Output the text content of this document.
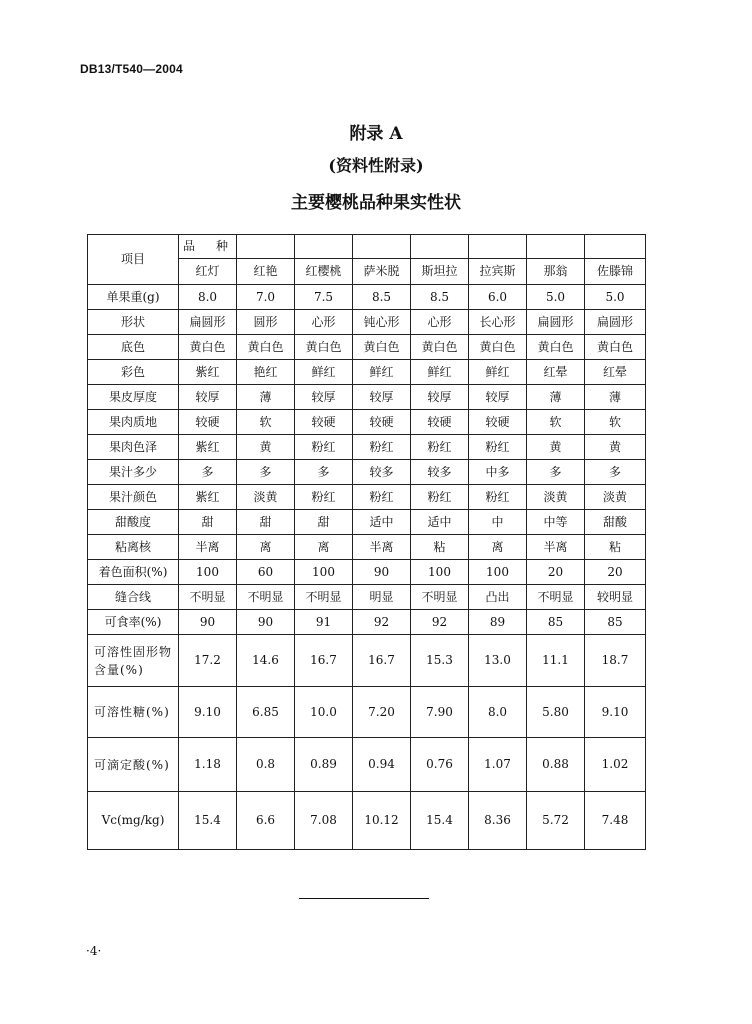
DB13/T540—2004
附录 A
(资料性附录)
主要樱桃品种果实性状
项目	品 种							

	红灯	红艳	红樱桃	萨米脱	斯坦拉	拉宾斯	那翁	佐滕锦
单果重(g)	8.0	7.0	7.5	8.5	8.5	6.0	5.0	5.0
形状	扁圆形	圆形	心形	钝心形	心形	长心形	扁圆形	扁圆形
底色	黄白色	黄白色	黄白色	黄白色	黄白色	黄白色	黄白色	黄白色
彩色	紫红	艳红	鲜红	鲜红	鲜红	鲜红	红晕	红晕
果皮厚度	较厚	薄	较厚	较厚	较厚	较厚	薄	薄
果肉质地	较硬	软	较硬	较硬	较硬	较硬	软	软
果肉色泽	紫红	黄	粉红	粉红	粉红	粉红	黄	黄
果汁多少	多	多	多	较多	较多	中多	多	多
果汁颜色	紫红	淡黄	粉红	粉红	粉红	粉红	淡黄	淡黄
甜酸度	甜	甜	甜	适中	适中	中	中等	甜酸
粘离核	半离	离	离	半离	粘	离	半离	粘
着色面积(%)	100	60	100	90	100	100	20	20
缝合线	不明显	不明显	不明显	明显	不明显	凸出	不明显	较明显
可食率(%)	90	90	91	92	92	89	85	85
可溶性固形物含量(%)	17.2	14.6	16.7	16.7	15.3	13.0	11.1	18.7
可溶性糖(%)	9.10	6.85	10.0	7.20	7.90	8.0	5.80	9.10
可滴定酸(%)	1.18	0.8	0.89	0.94	0.76	1.07	0.88	1.02
Vc(mg/kg)	15.4	6.6	7.08	10.12	15.4	8.36	5.72	7.48
·4·
